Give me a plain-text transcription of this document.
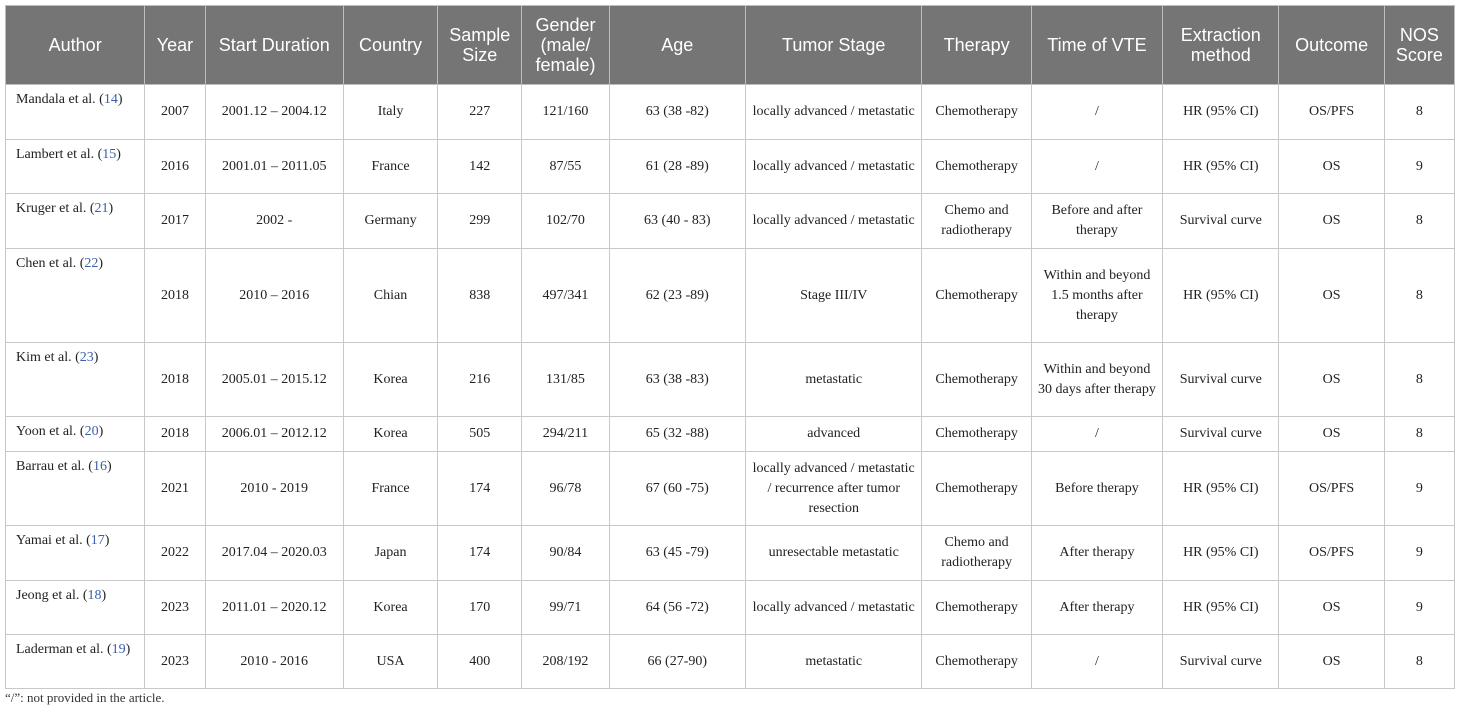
Author	Year	Start Duration	Country	Sample Size	Gender (male/ female)	Age	Tumor Stage	Therapy	Time of VTE	Extraction method	Outcome	NOS Score
Mandala et al. (14)	2007	2001.12 – 2004.12	Italy	227	121/160	63 (38 -82)	locally advanced / metastatic	Chemotherapy	/	HR (95% CI)	OS/PFS	8
Lambert et al. (15)	2016	2001.01 – 2011.05	France	142	87/55	61 (28 -89)	locally advanced / metastatic	Chemotherapy	/	HR (95% CI)	OS	9
Kruger et al. (21)	2017	2002 -	Germany	299	102/70	63 (40 - 83)	locally advanced / metastatic	Chemo and radiotherapy	Before and after therapy	Survival curve	OS	8
Chen et al. (22)	2018	2010 – 2016	Chian	838	497/341	62 (23 -89)	Stage III/IV	Chemotherapy	Within and beyond 1.5 months after therapy	HR (95% CI)	OS	8
Kim et al. (23)	2018	2005.01 – 2015.12	Korea	216	131/85	63 (38 -83)	metastatic	Chemotherapy	Within and beyond 30 days after therapy	Survival curve	OS	8
Yoon et al. (20)	2018	2006.01 – 2012.12	Korea	505	294/211	65 (32 -88)	advanced	Chemotherapy	/	Survival curve	OS	8
Barrau et al. (16)	2021	2010 - 2019	France	174	96/78	67 (60 -75)	locally advanced / metastatic / recurrence after tumor resection	Chemotherapy	Before therapy	HR (95% CI)	OS/PFS	9
Yamai et al. (17)	2022	2017.04 – 2020.03	Japan	174	90/84	63 (45 -79)	unresectable metastatic	Chemo and radiotherapy	After therapy	HR (95% CI)	OS/PFS	9
Jeong et al. (18)	2023	2011.01 – 2020.12	Korea	170	99/71	64 (56 -72)	locally advanced / metastatic	Chemotherapy	After therapy	HR (95% CI)	OS	9
Laderman et al. (19)	2023	2010 - 2016	USA	400	208/192	66 (27-90)	metastatic	Chemotherapy	/	Survival curve	OS	8
“/”: not provided in the article.
